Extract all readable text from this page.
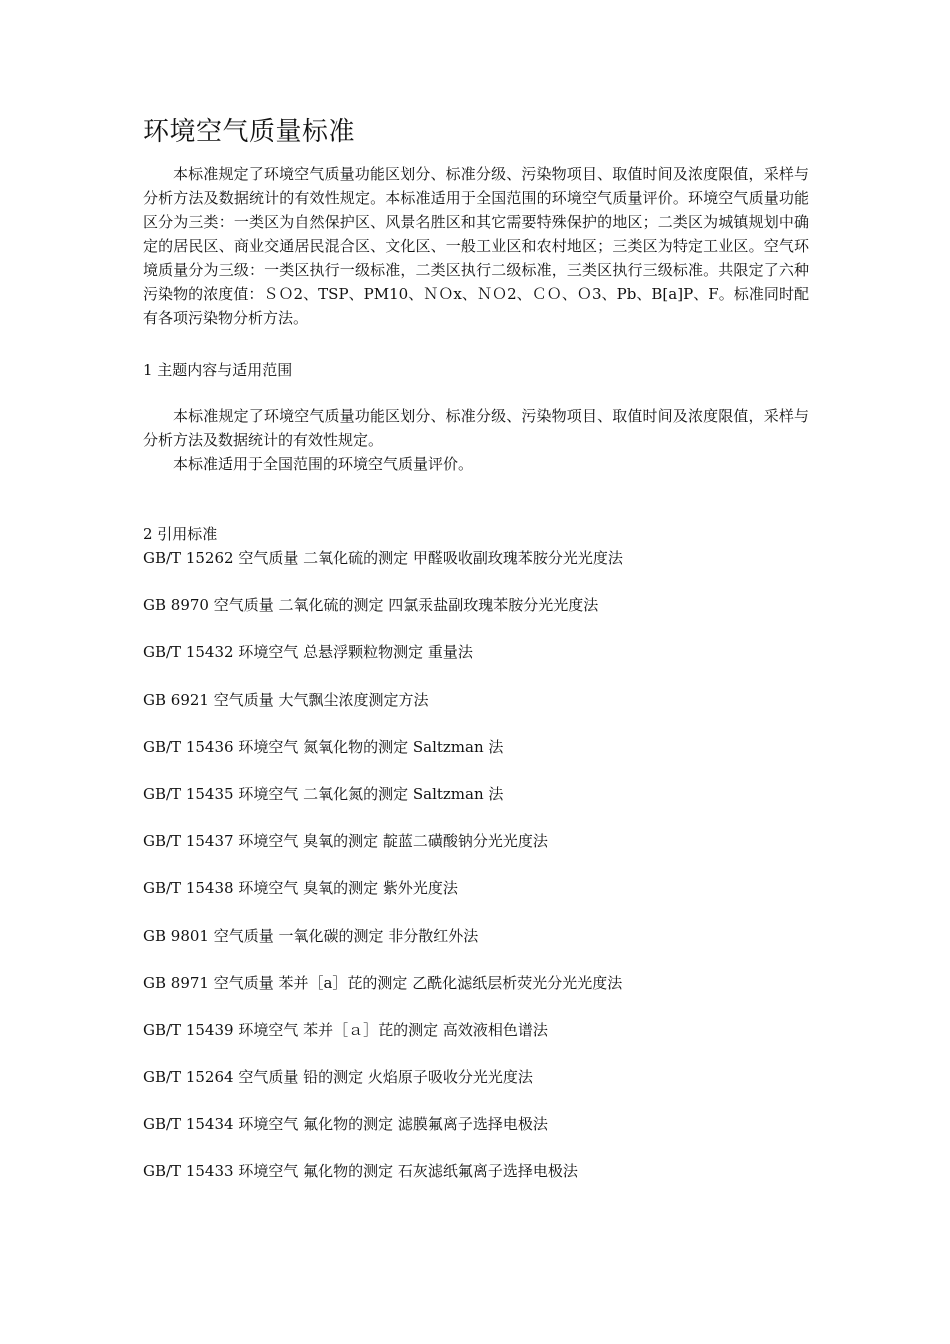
环境空气质量标准

本标准规定了环境空气质量功能区划分、标准分级、污染物项目、取值时间及浓度限值，采样与分析方法及数据统计的有效性规定。本标准适用于全国范围的环境空气质量评价。环境空气质量功能区分为三类：一类区为自然保护区、风景名胜区和其它需要特殊保护的地区；二类区为城镇规划中确定的居民区、商业交通居民混合区、文化区、一般工业区和农村地区；三类区为特定工业区。空气环境质量分为三级：一类区执行一级标准，二类区执行二级标准，三类区执行三级标准。共限定了六种污染物的浓度值：ＳＯ2、TSP、PM10、ＮＯx、ＮＯ2、ＣＯ、Ｏ3、Pb、B[a]P、F。标准同时配有各项污染物分析方法。

1 主题内容与适用范围

本标准规定了环境空气质量功能区划分、标准分级、污染物项目、取值时间及浓度限值，采样与分析方法及数据统计的有效性规定。

本标准适用于全国范围的环境空气质量评价。

2 引用标准

GB/T 15262 空气质量 二氧化硫的测定 甲醛吸收副玫瑰苯胺分光光度法
GB 8970 空气质量 二氧化硫的测定 四氯汞盐副玫瑰苯胺分光光度法
GB/T 15432 环境空气 总悬浮颗粒物测定 重量法
GB 6921 空气质量 大气飘尘浓度测定方法
GB/T 15436 环境空气 氮氧化物的测定 Saltzman 法
GB/T 15435 环境空气 二氧化氮的测定 Saltzman 法
GB/T 15437 环境空气 臭氧的测定 靛蓝二磺酸钠分光光度法
GB/T 15438 环境空气 臭氧的测定 紫外光度法
GB 9801 空气质量 一氧化碳的测定 非分散红外法
GB 8971 空气质量 苯并［a］芘的测定 乙酰化滤纸层析荧光分光光度法
GB/T 15439 环境空气 苯并［ａ］芘的测定 高效液相色谱法
GB/T 15264 空气质量 铅的测定 火焰原子吸收分光光度法
GB/T 15434 环境空气 氟化物的测定 滤膜氟离子选择电极法
GB/T 15433 环境空气 氟化物的测定 石灰滤纸氟离子选择电极法
